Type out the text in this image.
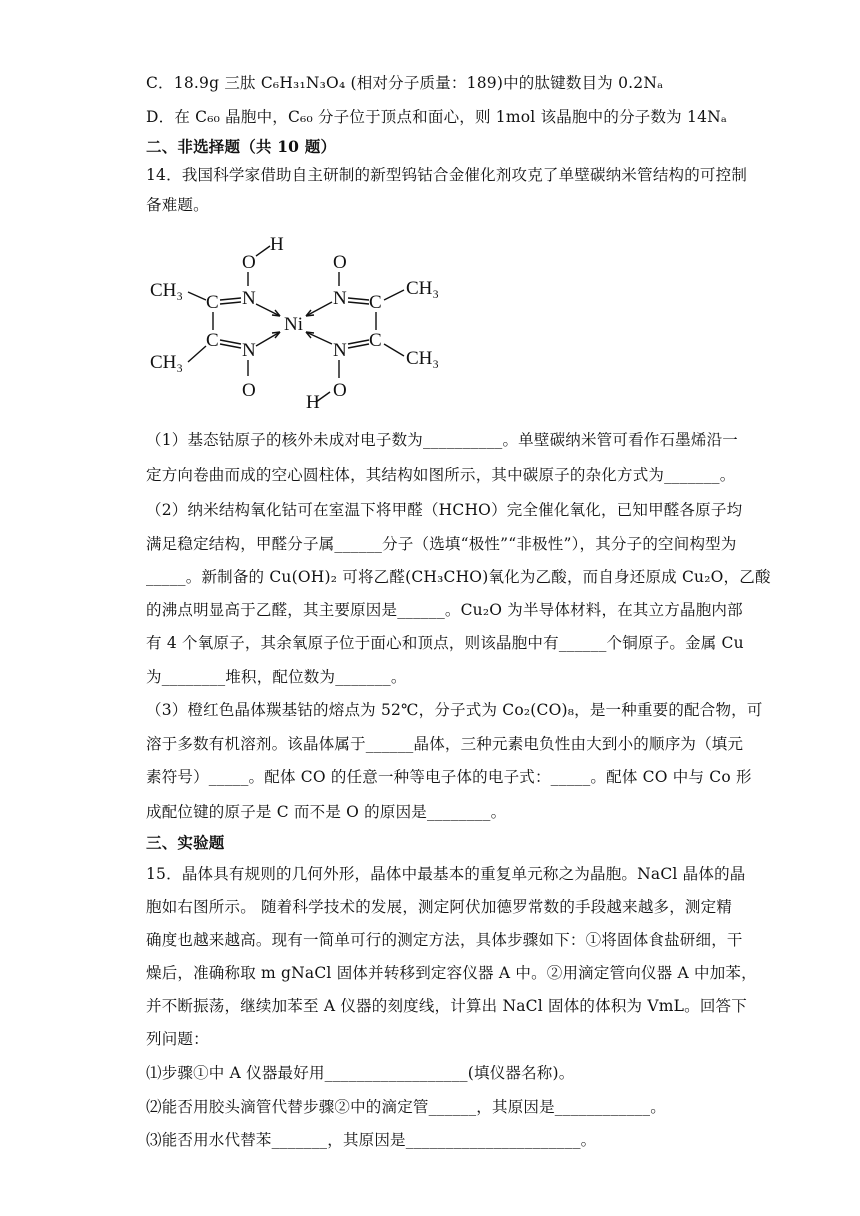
C．18.9g 三肽 C₆H₃₁N₃O₄ (相对分子质量：189)中的肽键数目为 0.2Nₐ
D．在 C₆₀ 晶胞中，C₆₀ 分子位于顶点和面心，则 1mol 该晶胞中的分子数为 14Nₐ
二、非选择题（共 10 题）
14．我国科学家借助自主研制的新型钨钴合金催化剂攻克了单壁碳纳米管结构的可控制
备难题。
（1）基态钴原子的核外未成对电子数为__________。单壁碳纳米管可看作石墨烯沿一
定方向卷曲而成的空心圆柱体，其结构如图所示，其中碳原子的杂化方式为_______。
（2）纳米结构氧化钴可在室温下将甲醛（HCHO）完全催化氧化，已知甲醛各原子均
满足稳定结构，甲醛分子属______分子（选填“极性”“非极性”），其分子的空间构型为
_____。新制备的 Cu(OH)₂ 可将乙醛(CH₃CHO)氧化为乙酸，而自身还原成 Cu₂O，乙酸
的沸点明显高于乙醛，其主要原因是______。Cu₂O 为半导体材料，在其立方晶胞内部
有 4 个氧原子，其余氧原子位于面心和顶点，则该晶胞中有______个铜原子。金属 Cu
为________堆积，配位数为_______。
（3）橙红色晶体羰基钴的熔点为 52℃，分子式为 Co₂(CO)₈，是一种重要的配合物，可
溶于多数有机溶剂。该晶体属于______晶体，三种元素电负性由大到小的顺序为（填元
素符号）_____。配体 CO 的任意一种等电子体的电子式：_____。配体 CO 中与 Co 形
成配位键的原子是 C 而不是 O 的原因是________。
三、实验题
15．晶体具有规则的几何外形，晶体中最基本的重复单元称之为晶胞。NaCl 晶体的晶
胞如右图所示。 随着科学技术的发展，测定阿伏加德罗常数的手段越来越多，测定精
确度也越来越高。现有一简单可行的测定方法，具体步骤如下：①将固体食盐研细，干
燥后，准确称取 m gNaCl 固体并转移到定容仪器 A 中。②用滴定管向仪器 A 中加苯，
并不断振荡，继续加苯至 A 仪器的刻度线，计算出 NaCl 固体的体积为 VmL。回答下
列问题：
⑴步骤①中 A 仪器最好用__________________(填仪器名称)。
⑵能否用胶头滴管代替步骤②中的滴定管______，其原因是____________。
⑶能否用水代替苯_______，其原因是______________________。
CH₃
CH₃
H
O
N
C
C N
O
Ni
O
N C
C
N
O
H
CH₃
CH₃
